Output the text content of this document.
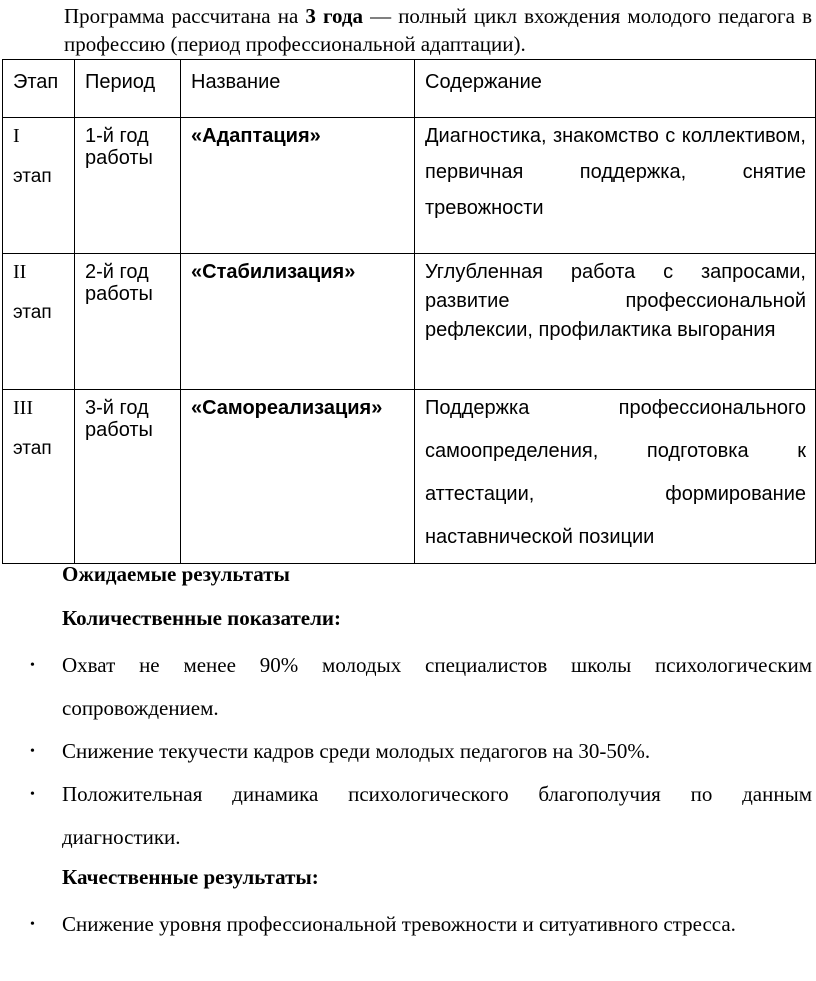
Программа рассчитана на 3 года — полный цикл вхождения молодого педагога в профессию (период профессиональной адаптации).
Этап	Период	Название	Содержание

I
этап	1-й год работы	«Адаптация»	Диагностика, знакомство с коллективом, первичная поддержка, снятие тревожности

II
этап	2-й год работы	«Стабилизация»	Углубленная работа с запросами, развитие профессиональной рефлексии, профилактика выгорания

III
этап	3-й год работы	«Самореализация»	Поддержка профессионального самоопределения, подготовка к аттестации, формирование наставнической позиции
Ожидаемые результаты
Количественные показатели:
• Охват не менее 90% молодых специалистов школы психологическим сопровождением.
• Снижение текучести кадров среди молодых педагогов на 30-50%.
• Положительная динамика психологического благополучия по данным диагностики.
Качественные результаты:
• Снижение уровня профессиональной тревожности и ситуативного стресса.
